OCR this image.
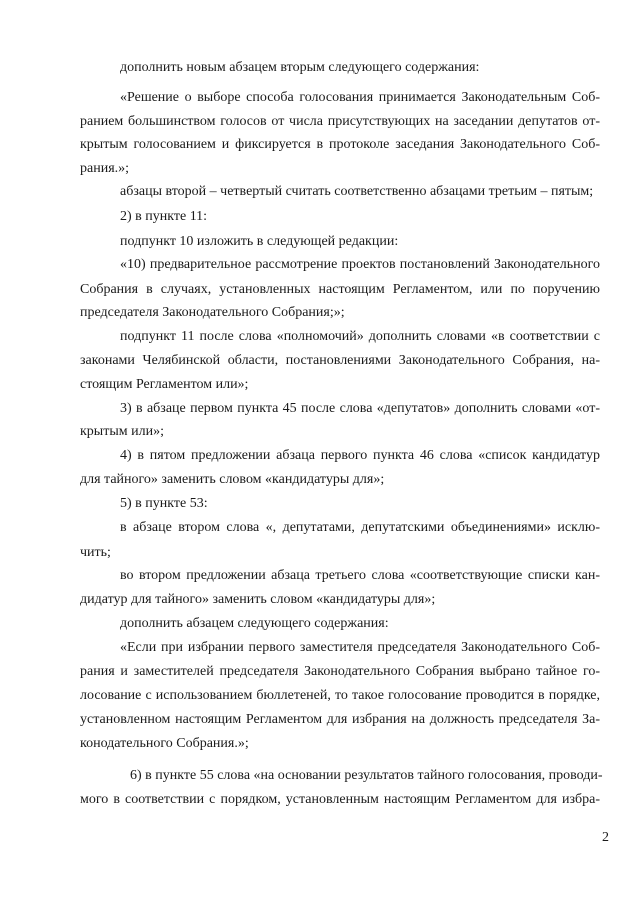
дополнить новым абзацем вторым следующего содержания:
«Решение о выборе способа голосования принимается Законодательным Соб-
ранием большинством голосов от числа присутствующих на заседании депутатов от-
крытым голосованием и фиксируется в протоколе заседания Законодательного Соб-
рания.»;
абзацы второй – четвертый считать соответственно абзацами третьим – пятым;
2) в пункте 11:
подпункт 10 изложить в следующей редакции:
«10) предварительное рассмотрение проектов постановлений Законодательного
Собрания в случаях, установленных настоящим Регламентом, или по поручению
председателя Законодательного Собрания;»;
подпункт 11 после слова «полномочий» дополнить словами «в соответствии с
законами Челябинской области, постановлениями Законодательного Собрания, на-
стоящим Регламентом или»;
3) в абзаце первом пункта 45 после слова «депутатов» дополнить словами «от-
крытым или»;
4) в пятом предложении абзаца первого пункта 46 слова «список кандидатур
для тайного» заменить словом «кандидатуры для»;
5) в пункте 53:
в абзаце втором слова «, депутатами, депутатскими объединениями» исклю-
чить;
во втором предложении абзаца третьего слова «соответствующие списки кан-
дидатур для тайного» заменить словом «кандидатуры для»;
дополнить абзацем следующего содержания:
«Если при избрании первого заместителя председателя Законодательного Соб-
рания и заместителей председателя Законодательного Собрания выбрано тайное го-
лосование с использованием бюллетеней, то такое голосование проводится в порядке,
установленном настоящим Регламентом для избрания на должность председателя За-
конодательного Собрания.»;
6) в пункте 55 слова «на основании результатов тайного голосования, проводи-
мого в соответствии с порядком, установленным настоящим Регламентом для избра-
2
